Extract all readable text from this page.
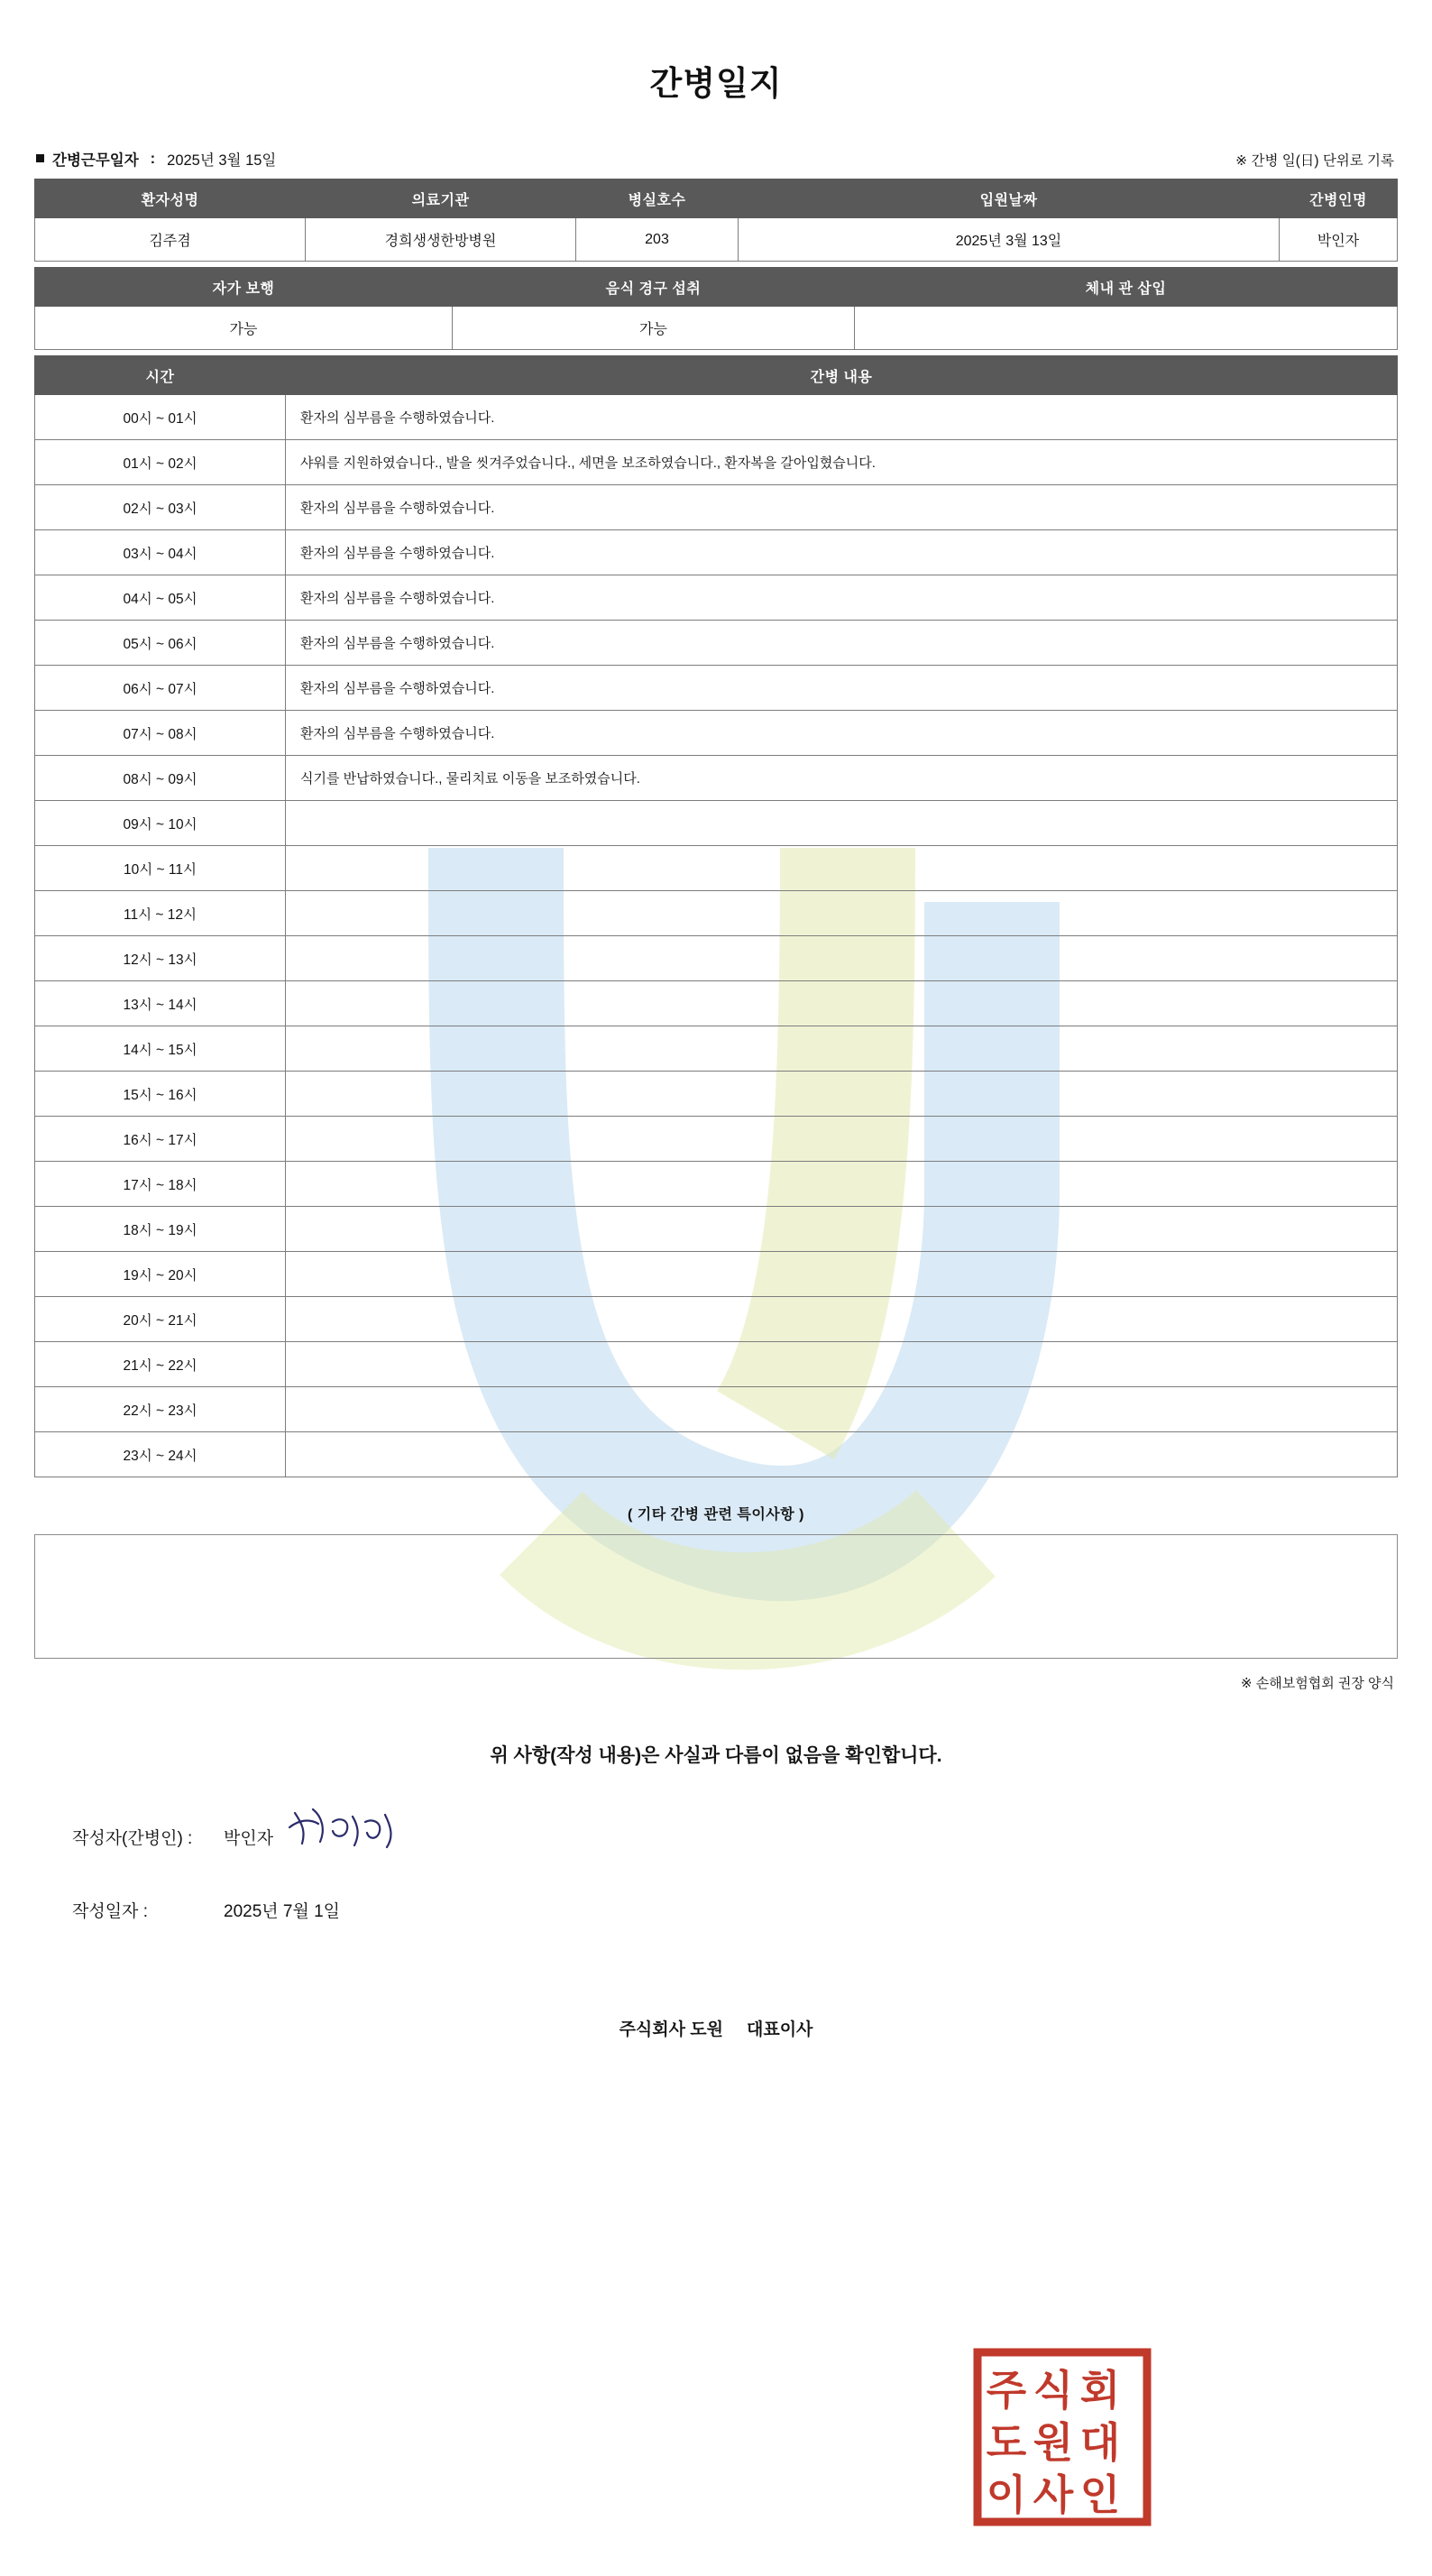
간병일지
간병근무일자 : 2025년 3월 15일	※ 간병 일(日) 단위로 기록
환자성명	의료기관	병실호수	입원날짜	간병인명
김주겸	경희생생한방병원	203	2025년 3월 13일	박인자
자가 보행	음식 경구 섭취	체내 관 삽입
가능	가능	
시간	간병 내용
00시 ~ 01시	환자의 심부름을 수행하였습니다.
01시 ~ 02시	샤워를 지원하였습니다., 발을 씻겨주었습니다., 세면을 보조하였습니다., 환자복을 갈아입혔습니다.
02시 ~ 03시	환자의 심부름을 수행하였습니다.
03시 ~ 04시	환자의 심부름을 수행하였습니다.
04시 ~ 05시	환자의 심부름을 수행하였습니다.
05시 ~ 06시	환자의 심부름을 수행하였습니다.
06시 ~ 07시	환자의 심부름을 수행하였습니다.
07시 ~ 08시	환자의 심부름을 수행하였습니다.
08시 ~ 09시	식기를 반납하였습니다., 물리치료 이동을 보조하였습니다.
09시 ~ 10시	
10시 ~ 11시	
11시 ~ 12시	
12시 ~ 13시	
13시 ~ 14시	
14시 ~ 15시	
15시 ~ 16시	
16시 ~ 17시	
17시 ~ 18시	
18시 ~ 19시	
19시 ~ 20시	
20시 ~ 21시	
21시 ~ 22시	
22시 ~ 23시	
23시 ~ 24시	
( 기타 간병 관련 특이사항 )
※ 손해보험협회 권장 양식
위 사항(작성 내용)은 사실과 다름이 없음을 확인합니다.
작성자(간병인) :	박인자
작성일자 :	2025년 7월 1일
주식회사 도원 대표이사
주 식 회
도 원 대
이 사 인
